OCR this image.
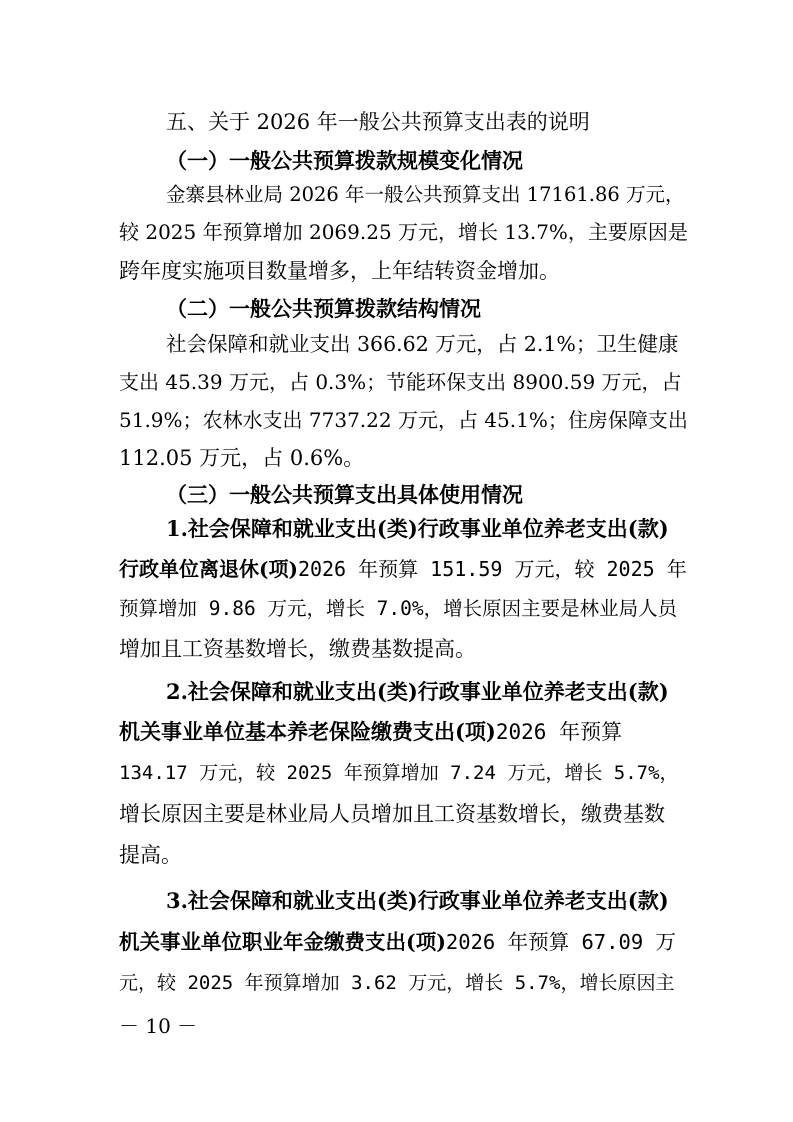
五、关于 2026 年一般公共预算支出表的说明

（一）一般公共预算拨款规模变化情况

金寨县林业局 2026 年一般公共预算支出 17161.86 万元，

较 2025 年预算增加 2069.25 万元，增长 13.7%，主要原因是

跨年度实施项目数量增多，上年结转资金增加。

（二）一般公共预算拨款结构情况

社会保障和就业支出 366.62 万元，占 2.1%；卫生健康

支出 45.39 万元，占 0.3%；节能环保支出 8900.59 万元，占

51.9%；农林水支出 7737.22 万元，占 45.1%；住房保障支出

112.05 万元，占 0.6%。

（三）一般公共预算支出具体使用情况

1.社会保障和就业支出(类)行政事业单位养老支出(款)

行政单位离退休(项)2026 年预算 151.59 万元，较 2025 年

预算增加 9.86 万元，增长 7.0%，增长原因主要是林业局人员

增加且工资基数增长，缴费基数提高。

2.社会保障和就业支出(类)行政事业单位养老支出(款)

机关事业单位基本养老保险缴费支出(项)2026 年预算

134.17 万元，较 2025 年预算增加 7.24 万元，增长 5.7%，

增长原因主要是林业局人员增加且工资基数增长，缴费基数

提高。

3.社会保障和就业支出(类)行政事业单位养老支出(款)

机关事业单位职业年金缴费支出(项)2026 年预算 67.09 万

元，较 2025 年预算增加 3.62 万元，增长 5.7%，增长原因主

－ 10 －
